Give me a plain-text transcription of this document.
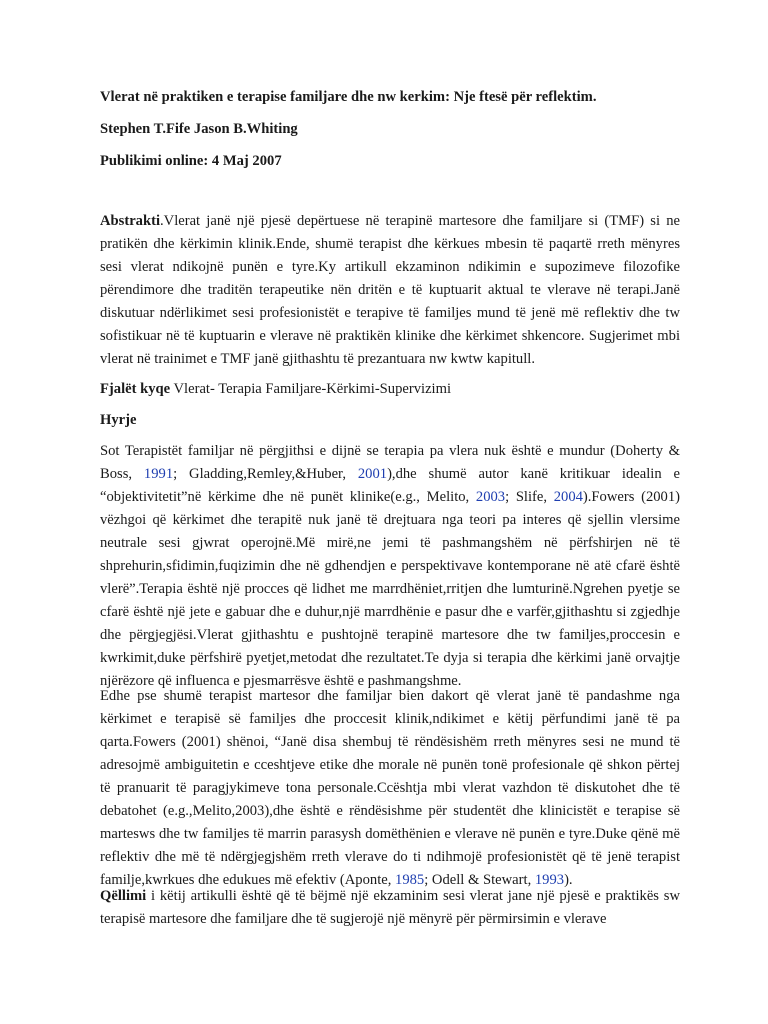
Vlerat në praktiken e terapise familjare dhe nw kerkim: Nje ftesë për reflektim.

Stephen T.Fife Jason B.Whiting

Publikimi online: 4 Maj 2007

Abstrakti.Vlerat janë një pjesë depërtuese në terapinë martesore dhe familjare si (TMF) si ne pratikën dhe kërkimin klinik.Ende, shumë terapist dhe kërkues mbesin të paqartë rreth mënyres sesi vlerat ndikojnë punën e tyre.Ky artikull ekzaminon ndikimin e supozimeve filozofike përendimore dhe traditën terapeutike nën dritën e të kuptuarit aktual te vlerave në terapi.Janë diskutuar ndërlikimet sesi profesionistët e terapive të familjes mund të jenë më reflektiv dhe tw sofistikuar në të kuptuarin e vlerave në praktikën klinike dhe kërkimet shkencore. Sugjerimet mbi vlerat në trainimet e TMF janë gjithashtu të prezantuara nw kwtw kapitull.

Fjalët kyqe Vlerat- Terapia Familjare-Kërkimi-Supervizimi

Hyrje

Sot Terapistët familjar në përgjithsi e dijnë se terapia pa vlera nuk është e mundur (Doherty & Boss, 1991; Gladding,Remley,&Huber, 2001),dhe shumë autor kanë kritikuar idealin e “objektivitetit”në kërkime dhe në punët klinike(e.g., Melito, 2003; Slife, 2004).Fowers (2001) vëzhgoi që kërkimet dhe terapitë nuk janë të drejtuara nga teori pa interes që sjellin vlersime neutrale sesi gjwrat operojnë.Më mirë,ne jemi të pashmangshëm në përfshirjen në të shprehurin,sfidimin,fuqizimin dhe në gdhendjen e perspektivave kontemporane në atë cfarë është vlerë”.Terapia është një procces që lidhet me marrdhëniet,rritjen dhe lumturinë.Ngrehen pyetje se cfarë është një jete e gabuar dhe e duhur,një marrdhënie e pasur dhe e varfër,gjithashtu si zgjedhje dhe përgjegjësi.Vlerat gjithashtu e pushtojnë terapinë martesore dhe tw familjes,proccesin e kwrkimit,duke përfshirë pyetjet,metodat dhe rezultatet.Te dyja si terapia dhe kërkimi janë orvajtje njërëzore që influenca e pjesmarrësve është e pashmangshme.

Edhe pse shumë terapist martesor dhe familjar bien dakort që vlerat janë të pandashme nga kërkimet e terapisë së familjes dhe proccesit klinik,ndikimet e këtij përfundimi janë të pa qarta.Fowers (2001) shënoi, “Janë disa shembuj të rëndësishëm rreth mënyres sesi ne mund të adresojmë ambiguitetin e cceshtjeve etike dhe morale në punën tonë profesionale që shkon përtej të pranuarit të paragjykimeve tona personale.Ccështja mbi vlerat vazhdon të diskutohet dhe të debatohet (e.g.,Melito,2003),dhe është e rëndësishme për studentët dhe klinicistët e terapise së martesws dhe tw familjes të marrin parasysh domëthënien e vlerave në punën e tyre.Duke qënë më reflektiv dhe më të ndërgjegjshëm rreth vlerave do ti ndihmojë profesionistët që të jenë terapist familje,kwrkues dhe edukues më efektiv (Aponte, 1985; Odell & Stewart, 1993).

Qëllimi i këtij artikulli është që të bëjmë një ekzaminim sesi vlerat jane një pjesë e praktikës sw terapisë martesore dhe familjare dhe të sugjerojë një mënyrë për përmirsimin e vlerave
